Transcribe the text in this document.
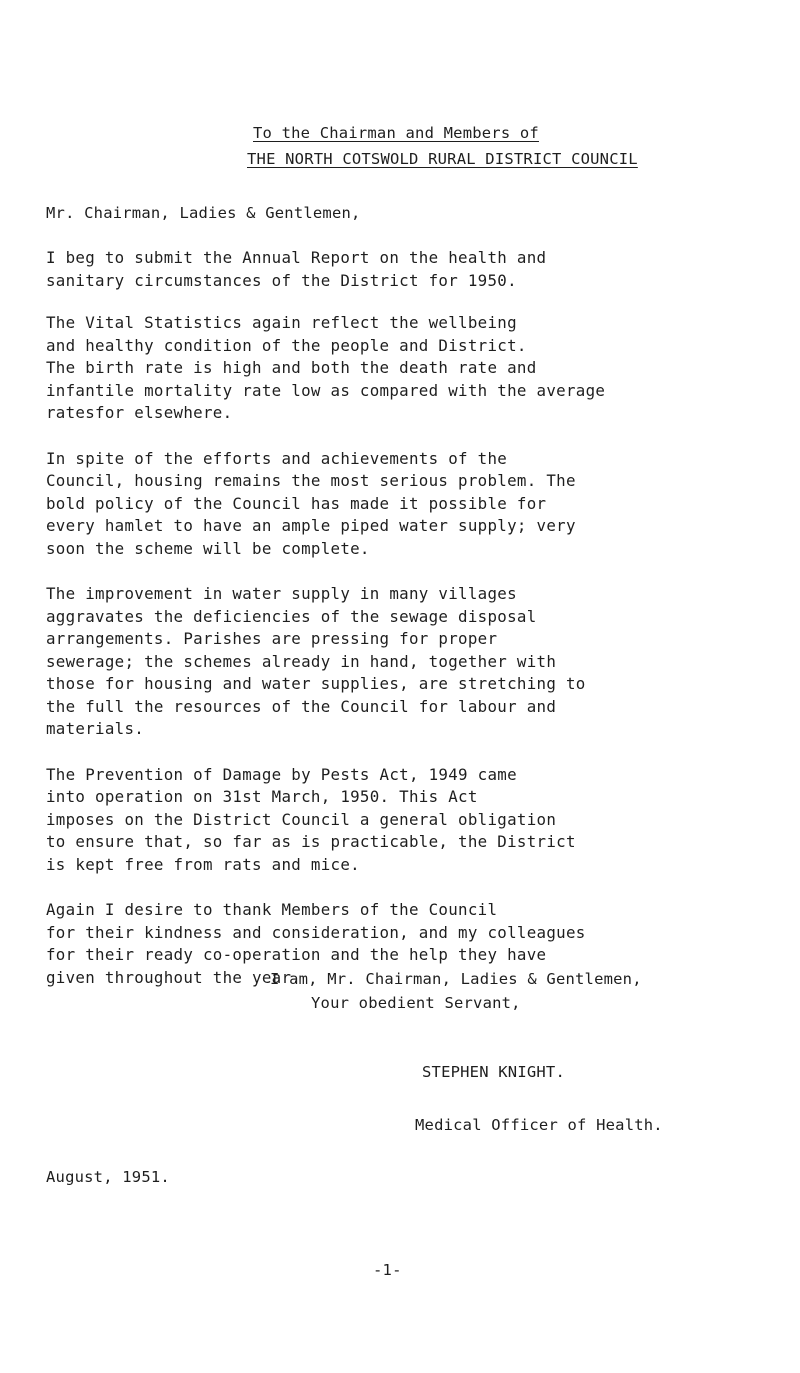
To the Chairman and Members of
THE NORTH COTSWOLD RURAL DISTRICT COUNCIL
Mr. Chairman, Ladies & Gentlemen,

I beg to submit the Annual Report on the health and
sanitary circumstances of the District for 1950.

The Vital Statistics again reflect the wellbeing
and healthy condition of the people and District.
The birth rate is high and both the death rate and
infantile mortality rate low as compared with the average
ratesfor elsewhere.

In spite of the efforts and achievements of the
Council, housing remains the most serious problem. The
bold policy of the Council has made it possible for
every hamlet to have an ample piped water supply; very
soon the scheme will be complete.

The improvement in water supply in many villages
aggravates the deficiencies of the sewage disposal
arrangements. Parishes are pressing for proper
sewerage; the schemes already in hand, together with
those for housing and water supplies, are stretching to
the full the resources of the Council for labour and
materials.

The Prevention of Damage by Pests Act, 1949 came
into operation on 31st March, 1950. This Act
imposes on the District Council a general obligation
to ensure that, so far as is practicable, the District
is kept free from rats and mice.

Again I desire to thank Members of the Council
for their kindness and consideration, and my colleagues
for their ready co-operation and the help they have
given throughout the year.

I am, Mr. Chairman, Ladies & Gentlemen,
Your obedient Servant,
STEPHEN KNIGHT.
Medical Officer of Health.
August, 1951.
-1-
